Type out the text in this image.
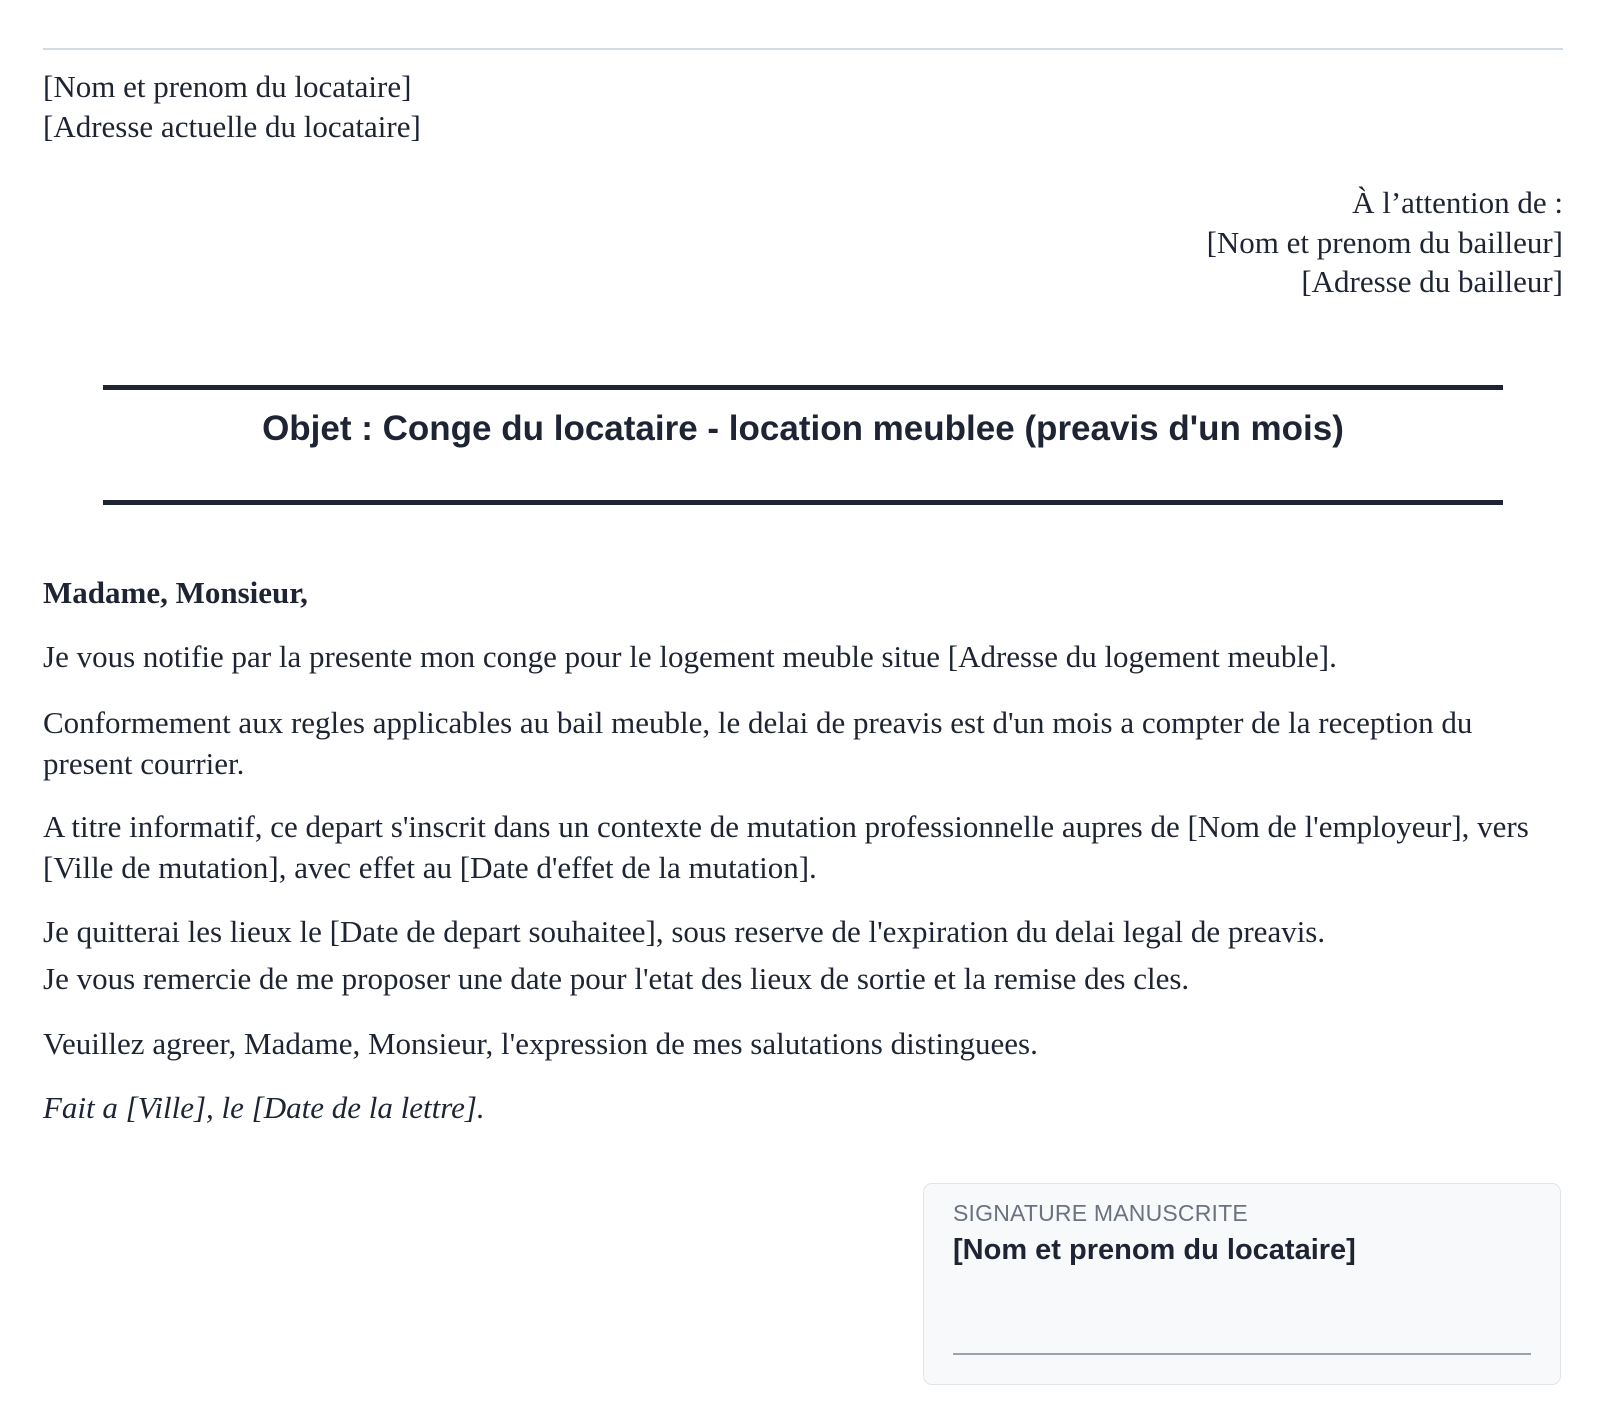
[Nom et prenom du locataire]
[Adresse actuelle du locataire]
À l’attention de :
[Nom et prenom du bailleur]
[Adresse du bailleur]
Objet : Conge du locataire - location meublee (preavis d'un mois)

Madame, Monsieur,

Je vous notifie par la presente mon conge pour le logement meuble situe [Adresse du logement meuble].

Conformement aux regles applicables au bail meuble, le delai de preavis est d'un mois a compter de la reception du present courrier.

A titre informatif, ce depart s'inscrit dans un contexte de mutation professionnelle aupres de [Nom de l'employeur], vers [Ville de mutation], avec effet au [Date d'effet de la mutation].

Je quitterai les lieux le [Date de depart souhaitee], sous reserve de l'expiration du delai legal de preavis.

Je vous remercie de me proposer une date pour l'etat des lieux de sortie et la remise des cles.

Veuillez agreer, Madame, Monsieur, l'expression de mes salutations distinguees.

Fait a [Ville], le [Date de la lettre].

SIGNATURE MANUSCRITE
[Nom et prenom du locataire]
